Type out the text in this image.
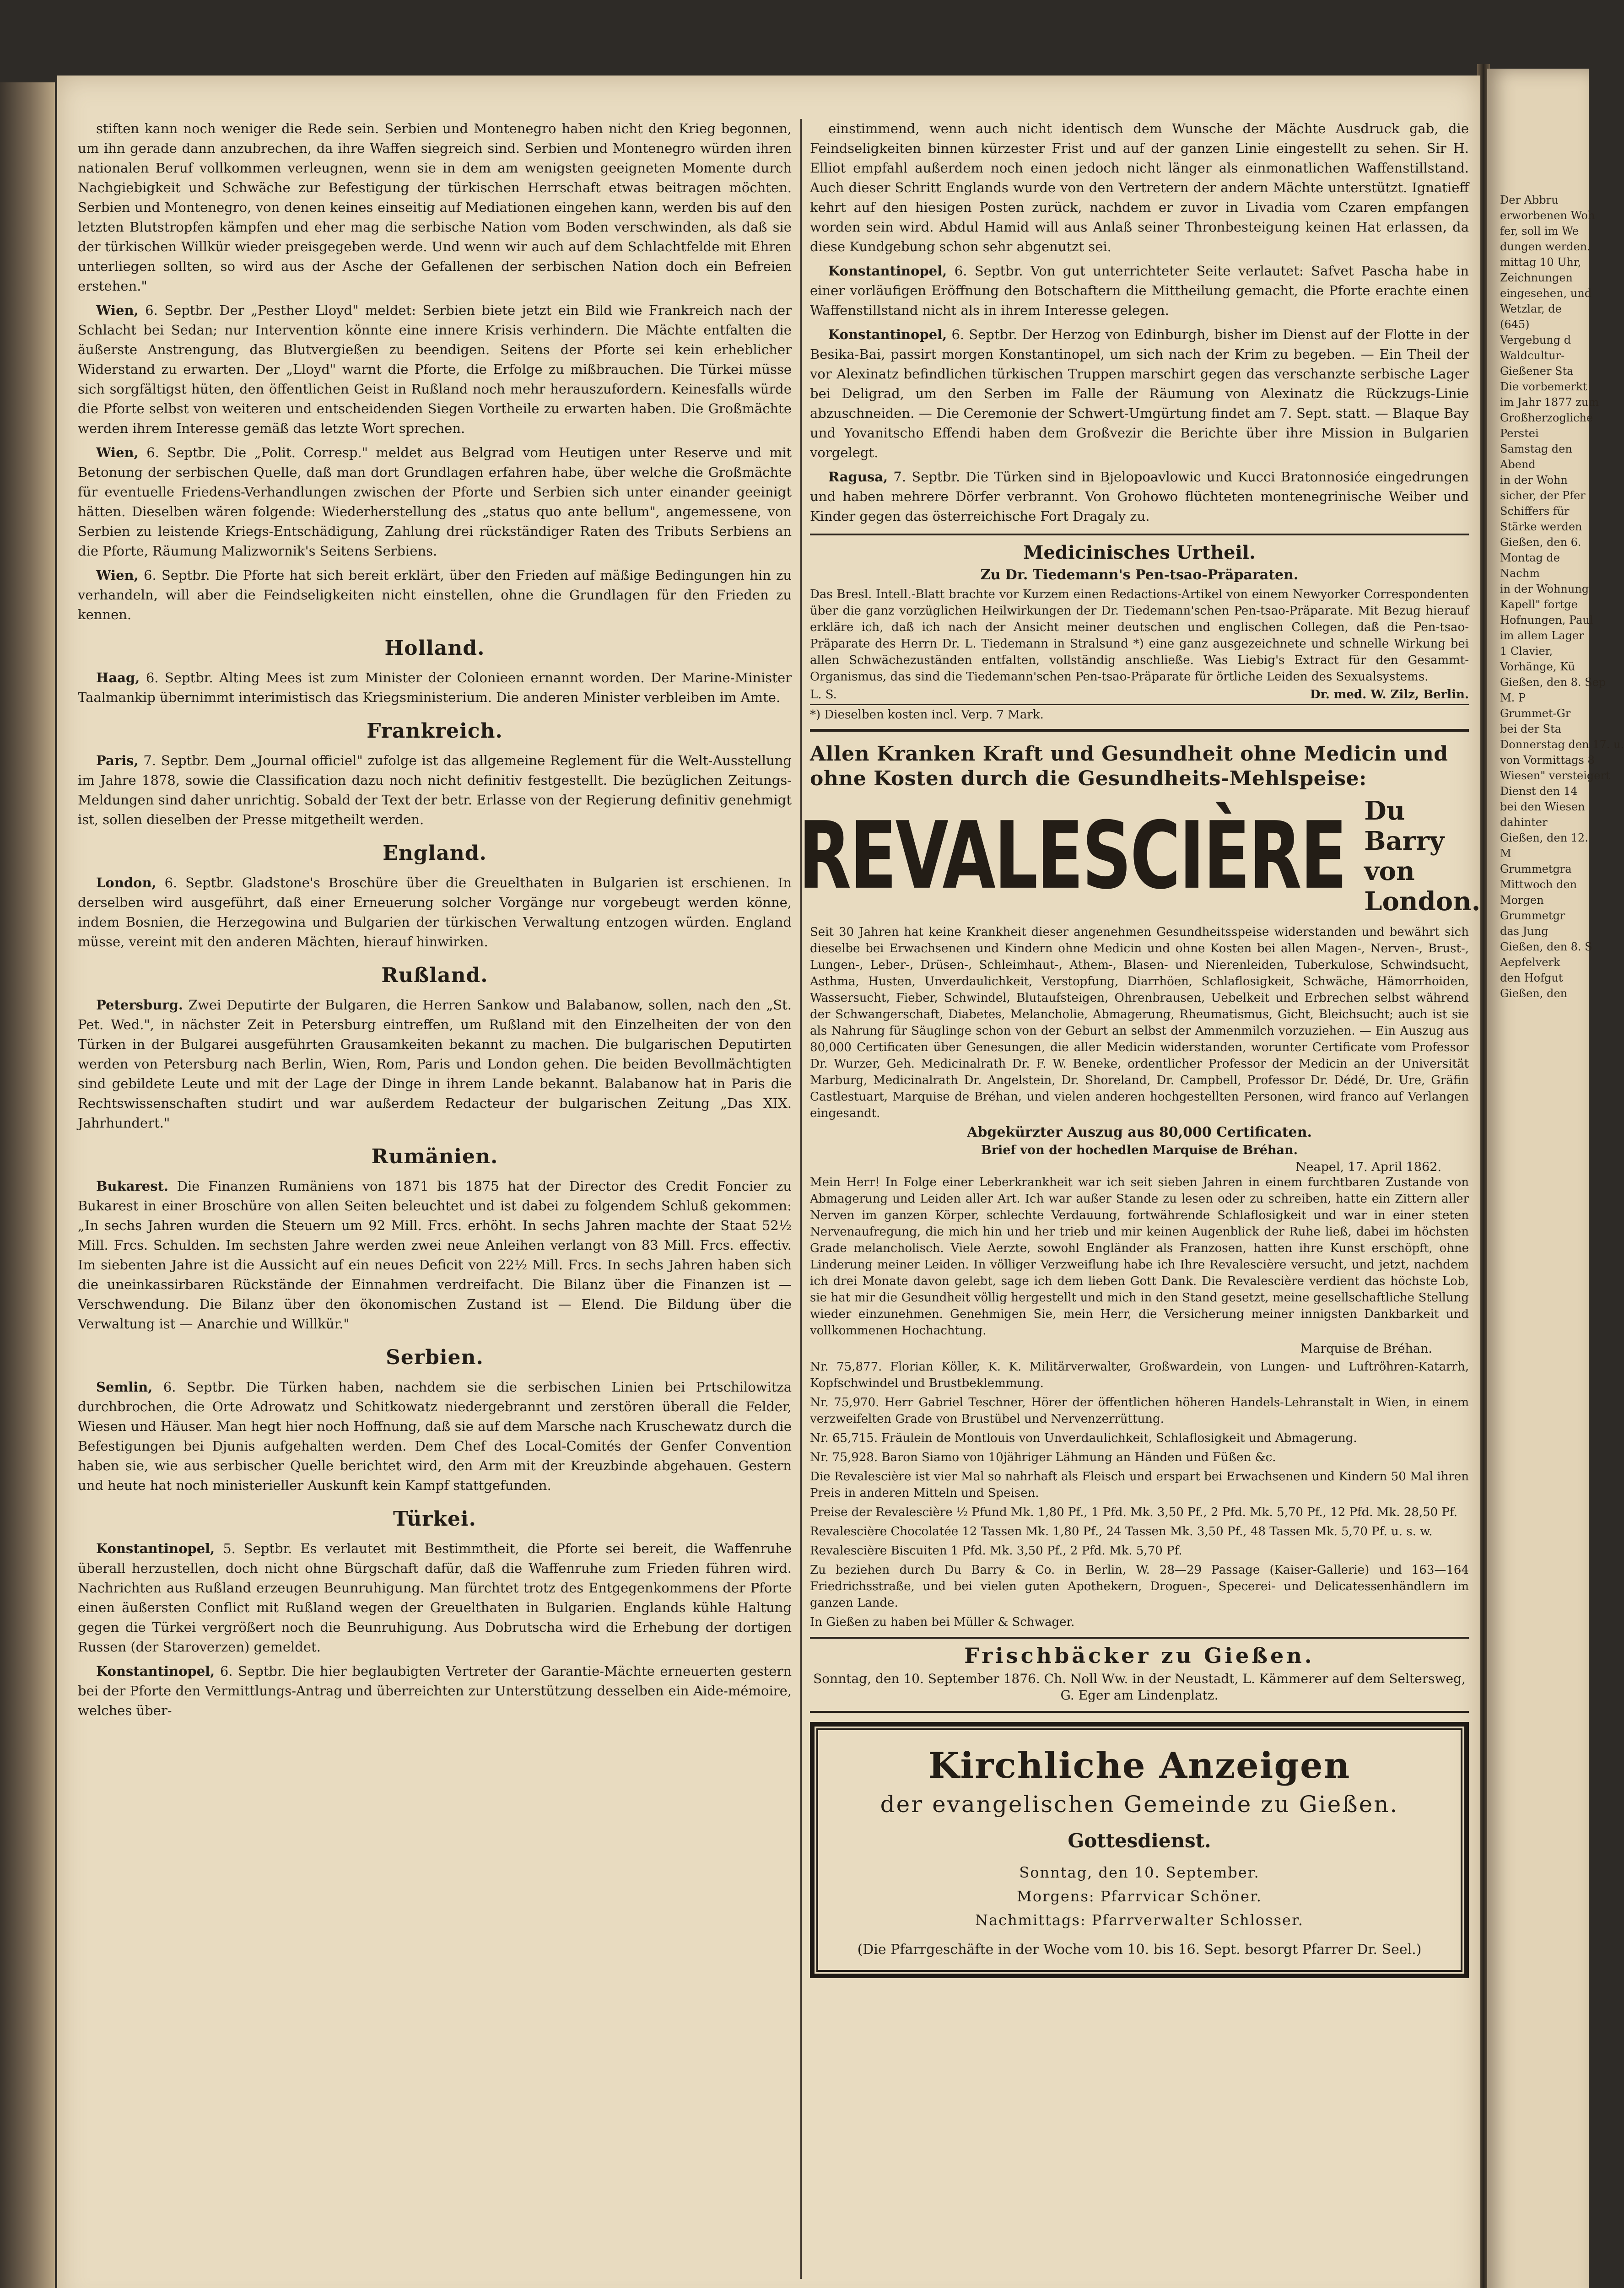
stiften kann noch weniger die Rede sein. Serbien und Montenegro haben nicht den Krieg begonnen, um ihn gerade dann anzubrechen, da ihre Waffen siegreich sind. Serbien und Montenegro würden ihren nationalen Beruf vollkommen verleugnen, wenn sie in dem am wenigsten geeigneten Momente durch Nachgiebigkeit und Schwäche zur Befestigung der türkischen Herrschaft etwas beitragen möchten. Serbien und Montenegro, von denen keines einseitig auf Mediationen eingehen kann, werden bis auf den letzten Blutstropfen kämpfen und eher mag die serbische Nation vom Boden verschwinden, als daß sie der türkischen Willkür wieder preisgegeben werde. Und wenn wir auch auf dem Schlachtfelde mit Ehren unterliegen sollten, so wird aus der Asche der Gefallenen der serbischen Nation doch ein Befreien erstehen."

Wien, 6. Septbr. Der „Pesther Lloyd" meldet: Serbien biete jetzt ein Bild wie Frankreich nach der Schlacht bei Sedan; nur Intervention könnte eine innere Krisis verhindern. Die Mächte entfalten die äußerste Anstrengung, das Blutvergießen zu beendigen. Seitens der Pforte sei kein erheblicher Widerstand zu erwarten. Der „Lloyd" warnt die Pforte, die Erfolge zu mißbrauchen. Die Türkei müsse sich sorgfältigst hüten, den öffentlichen Geist in Rußland noch mehr herauszufordern. Keinesfalls würde die Pforte selbst von weiteren und entscheidenden Siegen Vortheile zu erwarten haben. Die Großmächte werden ihrem Interesse gemäß das letzte Wort sprechen.

Wien, 6. Septbr. Die „Polit. Corresp." meldet aus Belgrad vom Heutigen unter Reserve und mit Betonung der serbischen Quelle, daß man dort Grundlagen erfahren habe, über welche die Großmächte für eventuelle Friedens-Verhandlungen zwischen der Pforte und Serbien sich unter einander geeinigt hätten. Dieselben wären folgende: Wiederherstellung des „status quo ante bellum", angemessene, von Serbien zu leistende Kriegs-Entschädigung, Zahlung drei rückständiger Raten des Tributs Serbiens an die Pforte, Räumung Malizwornik's Seitens Serbiens.

Wien, 6. Septbr. Die Pforte hat sich bereit erklärt, über den Frieden auf mäßige Bedingungen hin zu verhandeln, will aber die Feindseligkeiten nicht einstellen, ohne die Grundlagen für den Frieden zu kennen.

Holland.

Haag, 6. Septbr. Alting Mees ist zum Minister der Colonieen ernannt worden. Der Marine-Minister Taalmankip übernimmt interimistisch das Kriegsministerium. Die anderen Minister verbleiben im Amte.

Frankreich.

Paris, 7. Septbr. Dem „Journal officiel" zufolge ist das allgemeine Reglement für die Welt-Ausstellung im Jahre 1878, sowie die Classification dazu noch nicht definitiv festgestellt. Die bezüglichen Zeitungs-Meldungen sind daher unrichtig. Sobald der Text der betr. Erlasse von der Regierung definitiv genehmigt ist, sollen dieselben der Presse mitgetheilt werden.

England.

London, 6. Septbr. Gladstone's Broschüre über die Greuelthaten in Bulgarien ist erschienen. In derselben wird ausgeführt, daß einer Erneuerung solcher Vorgänge nur vorgebeugt werden könne, indem Bosnien, die Herzegowina und Bulgarien der türkischen Verwaltung entzogen würden. England müsse, vereint mit den anderen Mächten, hierauf hinwirken.

Rußland.

Petersburg. Zwei Deputirte der Bulgaren, die Herren Sankow und Balabanow, sollen, nach den „St. Pet. Wed.", in nächster Zeit in Petersburg eintreffen, um Rußland mit den Einzelheiten der von den Türken in der Bulgarei ausgeführten Grausamkeiten bekannt zu machen. Die bulgarischen Deputirten werden von Petersburg nach Berlin, Wien, Rom, Paris und London gehen. Die beiden Bevollmächtigten sind gebildete Leute und mit der Lage der Dinge in ihrem Lande bekannt. Balabanow hat in Paris die Rechtswissenschaften studirt und war außerdem Redacteur der bulgarischen Zeitung „Das XIX. Jahrhundert."

Rumänien.

Bukarest. Die Finanzen Rumäniens von 1871 bis 1875 hat der Director des Credit Foncier zu Bukarest in einer Broschüre von allen Seiten beleuchtet und ist dabei zu folgendem Schluß gekommen: „In sechs Jahren wurden die Steuern um 92 Mill. Frcs. erhöht. In sechs Jahren machte der Staat 52½ Mill. Frcs. Schulden. Im sechsten Jahre werden zwei neue Anleihen verlangt von 83 Mill. Frcs. effectiv. Im siebenten Jahre ist die Aussicht auf ein neues Deficit von 22½ Mill. Frcs. In sechs Jahren haben sich die uneinkassirbaren Rückstände der Einnahmen verdreifacht. Die Bilanz über die Finanzen ist — Verschwendung. Die Bilanz über den ökonomischen Zustand ist — Elend. Die Bildung über die Verwaltung ist — Anarchie und Willkür."

Serbien.

Semlin, 6. Septbr. Die Türken haben, nachdem sie die serbischen Linien bei Prtschilowitza durchbrochen, die Orte Adrowatz und Schitkowatz niedergebrannt und zerstören überall die Felder, Wiesen und Häuser. Man hegt hier noch Hoffnung, daß sie auf dem Marsche nach Kruschewatz durch die Befestigungen bei Djunis aufgehalten werden. Dem Chef des Local-Comités der Genfer Convention haben sie, wie aus serbischer Quelle berichtet wird, den Arm mit der Kreuzbinde abgehauen. Gestern und heute hat noch ministerieller Auskunft kein Kampf stattgefunden.

Türkei.

Konstantinopel, 5. Septbr. Es verlautet mit Bestimmtheit, die Pforte sei bereit, die Waffenruhe überall herzustellen, doch nicht ohne Bürgschaft dafür, daß die Waffenruhe zum Frieden führen wird. Nachrichten aus Rußland erzeugen Beunruhigung. Man fürchtet trotz des Entgegenkommens der Pforte einen äußersten Conflict mit Rußland wegen der Greuelthaten in Bulgarien. Englands kühle Haltung gegen die Türkei vergrößert noch die Beunruhigung. Aus Dobrutscha wird die Erhebung der dortigen Russen (der Staroverzen) gemeldet.

Konstantinopel, 6. Septbr. Die hier beglaubigten Vertreter der Garantie-Mächte erneuerten gestern bei der Pforte den Vermittlungs-Antrag und überreichten zur Unterstützung desselben ein Aide-mémoire, welches über-

einstimmend, wenn auch nicht identisch dem Wunsche der Mächte Ausdruck gab, die Feindseligkeiten binnen kürzester Frist und auf der ganzen Linie eingestellt zu sehen. Sir H. Elliot empfahl außerdem noch einen jedoch nicht länger als einmonatlichen Waffenstillstand. Auch dieser Schritt Englands wurde von den Vertretern der andern Mächte unterstützt. Ignatieff kehrt auf den hiesigen Posten zurück, nachdem er zuvor in Livadia vom Czaren empfangen worden sein wird. Abdul Hamid will aus Anlaß seiner Thronbesteigung keinen Hat erlassen, da diese Kundgebung schon sehr abgenutzt sei.

Konstantinopel, 6. Septbr. Von gut unterrichteter Seite verlautet: Safvet Pascha habe in einer vorläufigen Eröffnung den Botschaftern die Mittheilung gemacht, die Pforte erachte einen Waffenstillstand nicht als in ihrem Interesse gelegen.

Konstantinopel, 6. Septbr. Der Herzog von Edinburgh, bisher im Dienst auf der Flotte in der Besika-Bai, passirt morgen Konstantinopel, um sich nach der Krim zu begeben. — Ein Theil der vor Alexinatz befindlichen türkischen Truppen marschirt gegen das verschanzte serbische Lager bei Deligrad, um den Serben im Falle der Räumung von Alexinatz die Rückzugs-Linie abzuschneiden. — Die Ceremonie der Schwert-Umgürtung findet am 7. Sept. statt. — Blaque Bay und Yovanitscho Effendi haben dem Großvezir die Berichte über ihre Mission in Bulgarien vorgelegt.

Ragusa, 7. Septbr. Die Türken sind in Bjelopoavlowic und Kucci Bratonnosiće eingedrungen und haben mehrere Dörfer verbrannt. Von Grohowo flüchteten montenegrinische Weiber und Kinder gegen das österreichische Fort Dragaly zu.

Medicinisches Urtheil.

Zu Dr. Tiedemann's Pen-tsao-Präparaten.

Das Bresl. Intell.-Blatt brachte vor Kurzem einen Redactions-Artikel von einem Newyorker Correspondenten über die ganz vorzüglichen Heilwirkungen der Dr. Tiedemann'schen Pen-tsao-Präparate. Mit Bezug hierauf erkläre ich, daß ich nach der Ansicht meiner deutschen und englischen Collegen, daß die Pen-tsao-Präparate des Herrn Dr. L. Tiedemann in Stralsund *) eine ganz ausgezeichnete und schnelle Wirkung bei allen Schwächezuständen entfalten, vollständig anschließe. Was Liebig's Extract für den Gesammt-Organismus, das sind die Tiedemann'schen Pen-tsao-Präparate für örtliche Leiden des Sexualsystems.

L. S.	Dr. med. W. Zilz, Berlin.
*) Dieselben kosten incl. Verp. 7 Mark.
Allen Kranken Kraft und Gesundheit ohne Medicin und ohne Kosten durch die Gesundheits-Mehlspeise:
REVALESCIÈRE Du Barry
von London.

Seit 30 Jahren hat keine Krankheit dieser angenehmen Gesundheitsspeise widerstanden und bewährt sich dieselbe bei Erwachsenen und Kindern ohne Medicin und ohne Kosten bei allen Magen-, Nerven-, Brust-, Lungen-, Leber-, Drüsen-, Schleimhaut-, Athem-, Blasen- und Nierenleiden, Tuberkulose, Schwindsucht, Asthma, Husten, Unverdaulichkeit, Verstopfung, Diarrhöen, Schlaflosigkeit, Schwäche, Hämorrhoiden, Wassersucht, Fieber, Schwindel, Blutaufsteigen, Ohrenbrausen, Uebelkeit und Erbrechen selbst während der Schwangerschaft, Diabetes, Melancholie, Abmagerung, Rheumatismus, Gicht, Bleichsucht; auch ist sie als Nahrung für Säuglinge schon von der Geburt an selbst der Ammenmilch vorzuziehen. — Ein Auszug aus 80,000 Certificaten über Genesungen, die aller Medicin widerstanden, worunter Certificate vom Professor Dr. Wurzer, Geh. Medicinalrath Dr. F. W. Beneke, ordentlicher Professor der Medicin an der Universität Marburg, Medicinalrath Dr. Angelstein, Dr. Shoreland, Dr. Campbell, Professor Dr. Dédé, Dr. Ure, Gräfin Castlestuart, Marquise de Bréhan, und vielen anderen hochgestellten Personen, wird franco auf Verlangen eingesandt.

Abgekürzter Auszug aus 80,000 Certificaten.
Brief von der hochedlen Marquise de Bréhan.
Neapel, 17. April 1862.

Mein Herr! In Folge einer Leberkrankheit war ich seit sieben Jahren in einem furchtbaren Zustande von Abmagerung und Leiden aller Art. Ich war außer Stande zu lesen oder zu schreiben, hatte ein Zittern aller Nerven im ganzen Körper, schlechte Verdauung, fortwährende Schlaflosigkeit und war in einer steten Nervenaufregung, die mich hin und her trieb und mir keinen Augenblick der Ruhe ließ, dabei im höchsten Grade melancholisch. Viele Aerzte, sowohl Engländer als Franzosen, hatten ihre Kunst erschöpft, ohne Linderung meiner Leiden. In völliger Verzweiflung habe ich Ihre Revalescière versucht, und jetzt, nachdem ich drei Monate davon gelebt, sage ich dem lieben Gott Dank. Die Revalescière verdient das höchste Lob, sie hat mir die Gesundheit völlig hergestellt und mich in den Stand gesetzt, meine gesellschaftliche Stellung wieder einzunehmen. Genehmigen Sie, mein Herr, die Versicherung meiner innigsten Dankbarkeit und vollkommenen Hochachtung.

Marquise de Bréhan.

Nr. 75,877. Florian Köller, K. K. Militärverwalter, Großwardein, von Lungen- und Luftröhren-Katarrh, Kopfschwindel und Brustbeklemmung.

Nr. 75,970. Herr Gabriel Teschner, Hörer der öffentlichen höheren Handels-Lehranstalt in Wien, in einem verzweifelten Grade von Brustübel und Nervenzerrüttung.

Nr. 65,715. Fräulein de Montlouis von Unverdaulichkeit, Schlaflosigkeit und Abmagerung.

Nr. 75,928. Baron Siamo von 10jähriger Lähmung an Händen und Füßen &c.

Die Revalescière ist vier Mal so nahrhaft als Fleisch und erspart bei Erwachsenen und Kindern 50 Mal ihren Preis in anderen Mitteln und Speisen.

Preise der Revalescière ½ Pfund Mk. 1,80 Pf., 1 Pfd. Mk. 3,50 Pf., 2 Pfd. Mk. 5,70 Pf., 12 Pfd. Mk. 28,50 Pf.

Revalescière Chocolatée 12 Tassen Mk. 1,80 Pf., 24 Tassen Mk. 3,50 Pf., 48 Tassen Mk. 5,70 Pf. u. s. w.

Revalescière Biscuiten 1 Pfd. Mk. 3,50 Pf., 2 Pfd. Mk. 5,70 Pf.

Zu beziehen durch Du Barry & Co. in Berlin, W. 28—29 Passage (Kaiser-Gallerie) und 163—164 Friedrichsstraße, und bei vielen guten Apothekern, Droguen-, Specerei- und Delicatessenhändlern im ganzen Lande.

In Gießen zu haben bei Müller & Schwager.

Frischbäcker zu Gießen.

Sonntag, den 10. September 1876. Ch. Noll Ww. in der Neustadt, L. Kämmerer auf dem Seltersweg, G. Eger am Lindenplatz.

Kirchliche Anzeigen
der evangelischen Gemeinde zu Gießen.
Gottesdienst.
Sonntag, den 10. September.
Morgens: Pfarrvicar Schöner.
Nachmittags: Pfarrverwalter Schlosser.
(Die Pfarrgeschäfte in der Woche vom 10. bis 16. Sept. besorgt Pfarrer Dr. Seel.)
Der Abbru
erworbenen Woh
fer, soll im We
dungen werden.
mittag 10 Uhr,
Zeichnungen
eingesehen, und
Wetzlar, de
(645)
Vergebung d
Waldcultur-
Gießener Sta
Die vorbemerkt
im Jahr 1877 zum
Großherzogliche
Perstei
Samstag den
Abend
in der Wohn
sicher, der Pfer
Schiffers für
Stärke werden
Gießen, den 6.
Montag de
Nachm
in der Wohnung
Kapell" fortge
Hofnungen, Paul
im allem Lager
1 Clavier,
Vorhänge, Kü
Gießen, den 8. Sep
M. P
Grummet-Gr
bei der Sta
Donnerstag den 17. u.
von Vormittags 8
Wiesen" versteigert
Dienst den 14
bei den Wiesen
dahinter
Gießen, den 12.
M
Grummetgra
Mittwoch den
Morgen
Grummetgr
das Jung
Gießen, den 8. S
Aepfelverk
den Hofgut
Gießen, den
